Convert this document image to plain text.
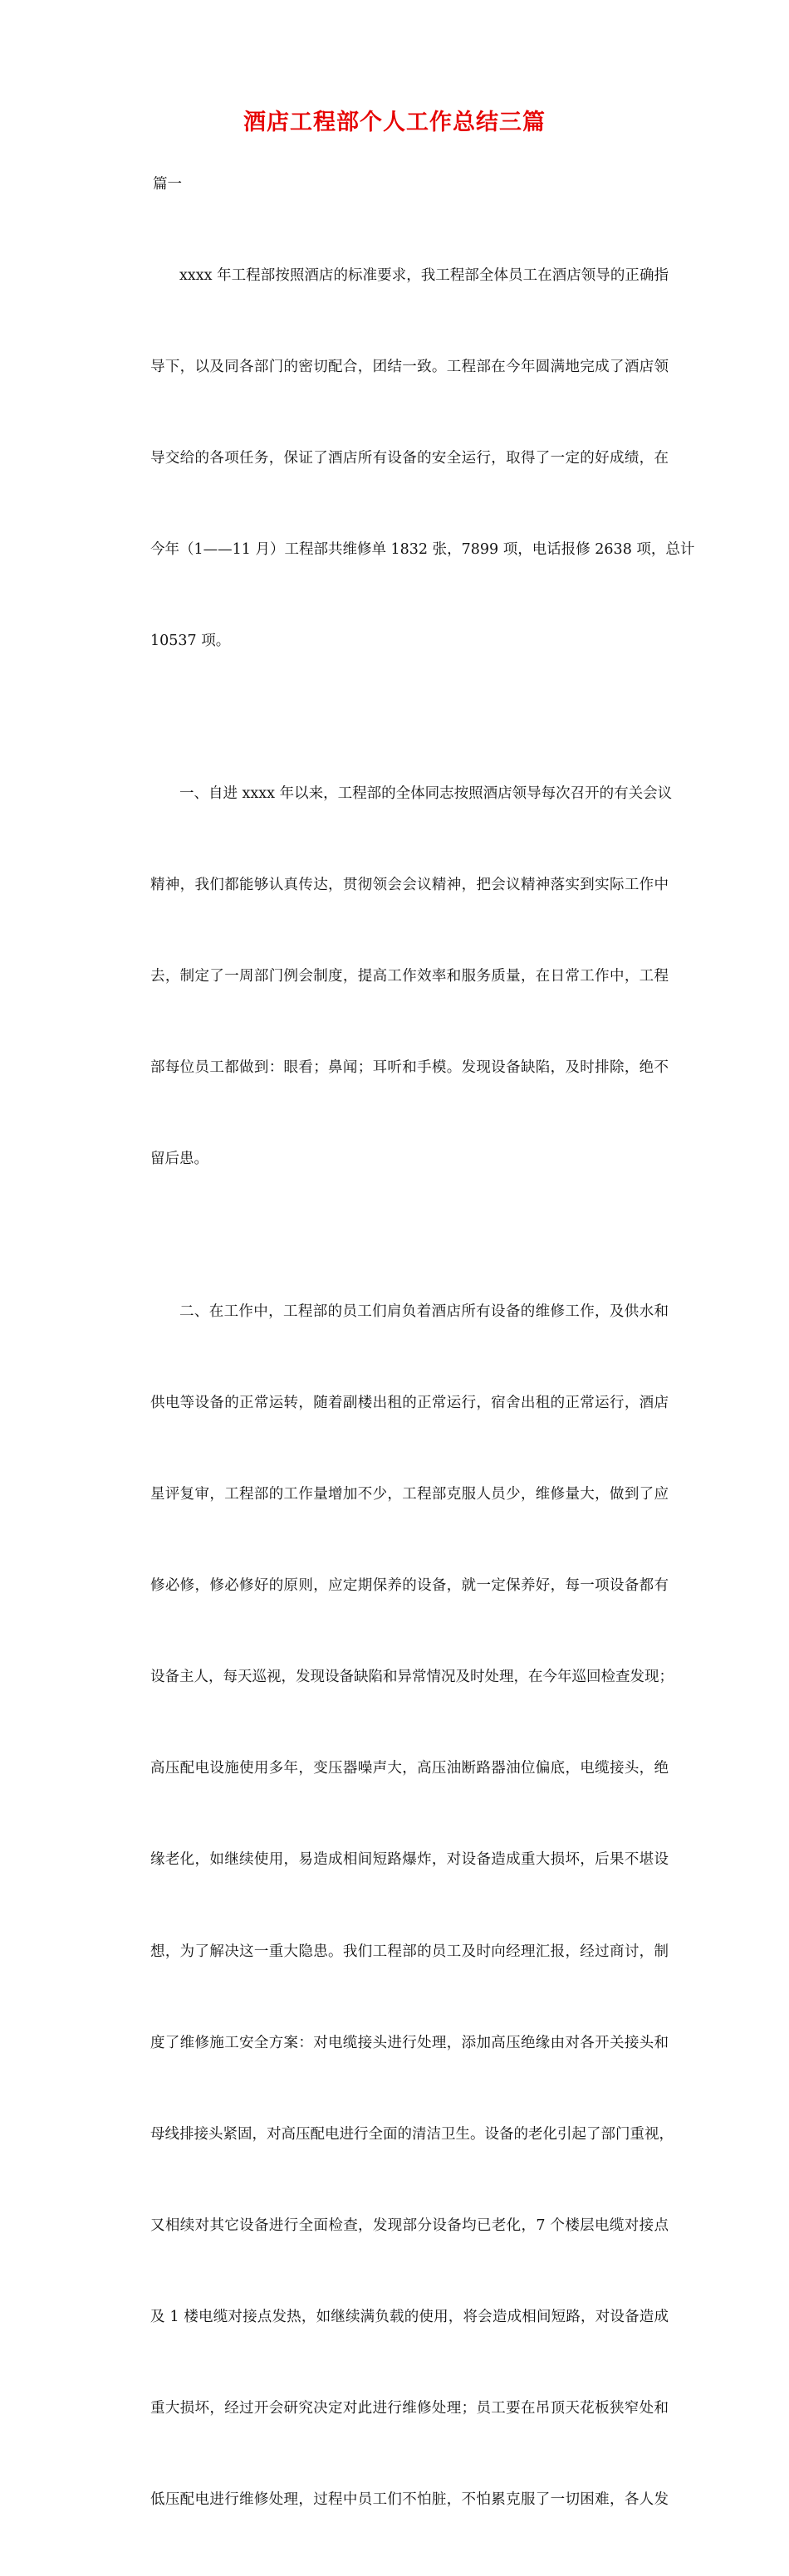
酒店工程部个人工作总结三篇
篇一

xxxx 年工程部按照酒店的标准要求，我工程部全体员工在酒店领导的正确指

导下，以及同各部门的密切配合，团结一致。工程部在今年圆满地完成了酒店领

导交给的各项任务，保证了酒店所有设备的安全运行，取得了一定的好成绩，在

今年（1——11 月）工程部共维修单 1832 张，7899 项，电话报修 2638 项，总计

10537 项。

一、自进 xxxx 年以来，工程部的全体同志按照酒店领导每次召开的有关会议

精神，我们都能够认真传达，贯彻领会会议精神，把会议精神落实到实际工作中

去，制定了一周部门例会制度，提高工作效率和服务质量，在日常工作中，工程

部每位员工都做到：眼看；鼻闻；耳听和手模。发现设备缺陷，及时排除，绝不

留后患。

二、在工作中，工程部的员工们肩负着酒店所有设备的维修工作，及供水和

供电等设备的正常运转，随着副楼出租的正常运行，宿舍出租的正常运行，酒店

星评复审，工程部的工作量增加不少，工程部克服人员少，维修量大，做到了应

修必修，修必修好的原则，应定期保养的设备，就一定保养好，每一项设备都有

设备主人，每天巡视，发现设备缺陷和异常情况及时处理，在今年巡回检查发现；

高压配电设施使用多年，变压器噪声大，高压油断路器油位偏底，电缆接头，绝

缘老化，如继续使用，易造成相间短路爆炸，对设备造成重大损坏，后果不堪设

想，为了解决这一重大隐患。我们工程部的员工及时向经理汇报，经过商讨，制

度了维修施工安全方案：对电缆接头进行处理，添加高压绝缘由对各开关接头和

母线排接头紧固，对高压配电进行全面的清洁卫生。设备的老化引起了部门重视，

又相续对其它设备进行全面检查，发现部分设备均已老化，7 个楼层电缆对接点

及 1 楼电缆对接点发热，如继续满负载的使用，将会造成相间短路，对设备造成

重大损坏，经过开会研究决定对此进行维修处理；员工要在吊顶天花板狭窄处和

低压配电进行维修处理，过程中员工们不怕脏，不怕累克服了一切困难，各人发
